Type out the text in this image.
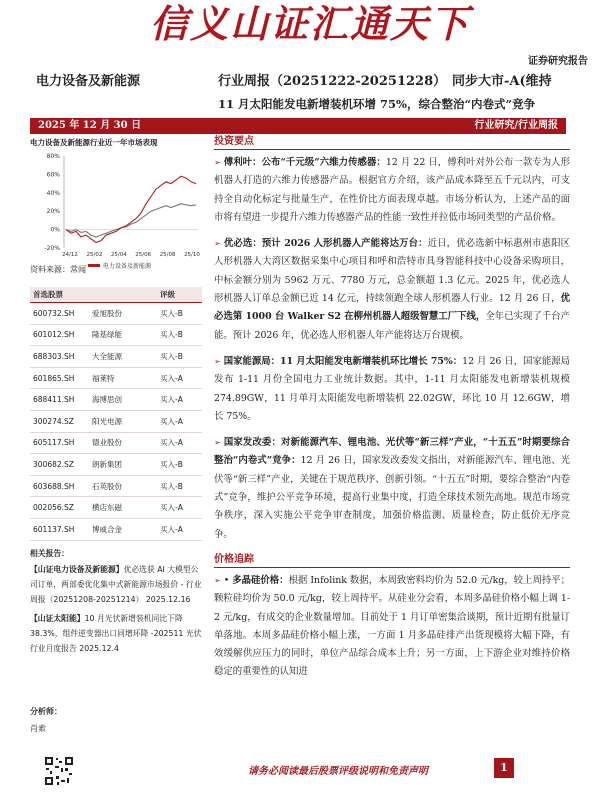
信义山证汇通天下
证券研究报告
电力设备及新能源	行业周报（20251222-20251228） 同步大市-A(维持
11 月太阳能发电新增装机环增 75%，综合整治“内卷式”竞争
2025 年 12 月 30 日	行业研究/行业周报
电力设备及新能源行业近一年市场表现
80%
60%
40%
20%
0%
-20%
24/12 25/02 25/04 25/06 25/08 25/10
电力设备及新能源
资料来源：常闻
首选股票	评级
600732.SH	爱旭股份	买入-B
601012.SH	隆基绿能	买入-B
688303.SH	大全能源	买入-B
601865.SH	福莱特	买入-A
688411.SH	海博思创	买入-A
300274.SZ	阳光电源	买入-A
605117.SH	德业股份	买入-A
300682.SZ	朗新集团	买入-B
603688.SH	石英股份	买入-B
002056.SZ	横店东磁	买入-A
601137.SH	博威合金	买入-A
相关报告：
【山证电力设备及新能源】优必选获 AI 大模型公司订单，两部委优化集中式新能源市场报价 - 行业周报（20251208-20251214） 2025.12.16
【山证太阳能】10 月光伏新增装机同比下降 38.3%，组件逆变器出口同增环降 -202511 光伏行业月度报告 2025.12.4
分析师：
肖索
投资要点
➢ 傅利叶：公布“千元级”六维力传感器：12 月 22 日，傅利叶对外公布一款专为人形机器人打造的六维力传感器产品。根据官方介绍，该产品成本降至五千元以内，可支持全自动化标定与批量生产，在性价比方面表现卓越。市场分析认为，上述产品的面市将有望进一步提升六维力传感器产品的性能一致性并拉低市场同类型的产品价格。
➢ 优必选：预计 2026 人形机器人产能将达万台：近日，优必选新中标惠州市惠阳区人形机器人大湾区数据采集中心项目和呼和浩特市具身智能科技中心设备采购项目，中标金额分别为 5962 万元、7780 万元，总金额超 1.3 亿元。2025 年，优必选人形机器人订单总金额已近 14 亿元，持续领跑全球人形机器人行业。12 月 26 日，优必选第 1000 台 Walker S2 在柳州机器人超级智慧工厂下线，全年已实现了千台产能。预计 2026 年，优必选人形机器人年产能将达万台规模。
➢ 国家能源局：11 月太阳能发电新增装机环比增长 75%：12 月 26 日，国家能源局发布 1-11 月份全国电力工业统计数据。其中，1-11 月太阳能发电新增装机规模 274.89GW，11 月单月太阳能发电新增装机 22.02GW，环比 10 月 12.6GW，增长 75%。
➢ 国家发改委：对新能源汽车、锂电池、光伏等“新三样”产业，“十五五”时期要综合整治“内卷式”竞争：12 月 26 日，国家发改委发文指出，对新能源汽车、锂电池、光伏等“新三样”产业，关键在于规范秩序、创新引领。“十五五”时期，要综合整治“内卷式”竞争，维护公平竞争环境，提高行业集中度，打造全球技术领先高地。规范市场竞争秩序，深入实施公平竞争审查制度，加强价格监测、质量检查，防止低价无序竞争。
价格追踪
➢ • 多晶硅价格：根据 Infolink 数据，本周致密料均价为 52.0 元/kg，较上周持平；颗粒硅均价为 50.0 元/kg，较上周持平。从硅业分会看，本周多晶硅价格小幅上调 1-2 元/kg，有成交的企业数量增加。目前处于 1 月订单密集洽谈期，预计近期有批量订单落地。本周多晶硅价格小幅上涨，一方面 1 月多晶硅排产出货现模将大幅下降，有效缓解供应压力的同时，单位产品综合成本上升；另一方面，上下游企业对维持价格稳定的重要性的认知进
请务必阅读最后股票评级说明和免责声明	1
